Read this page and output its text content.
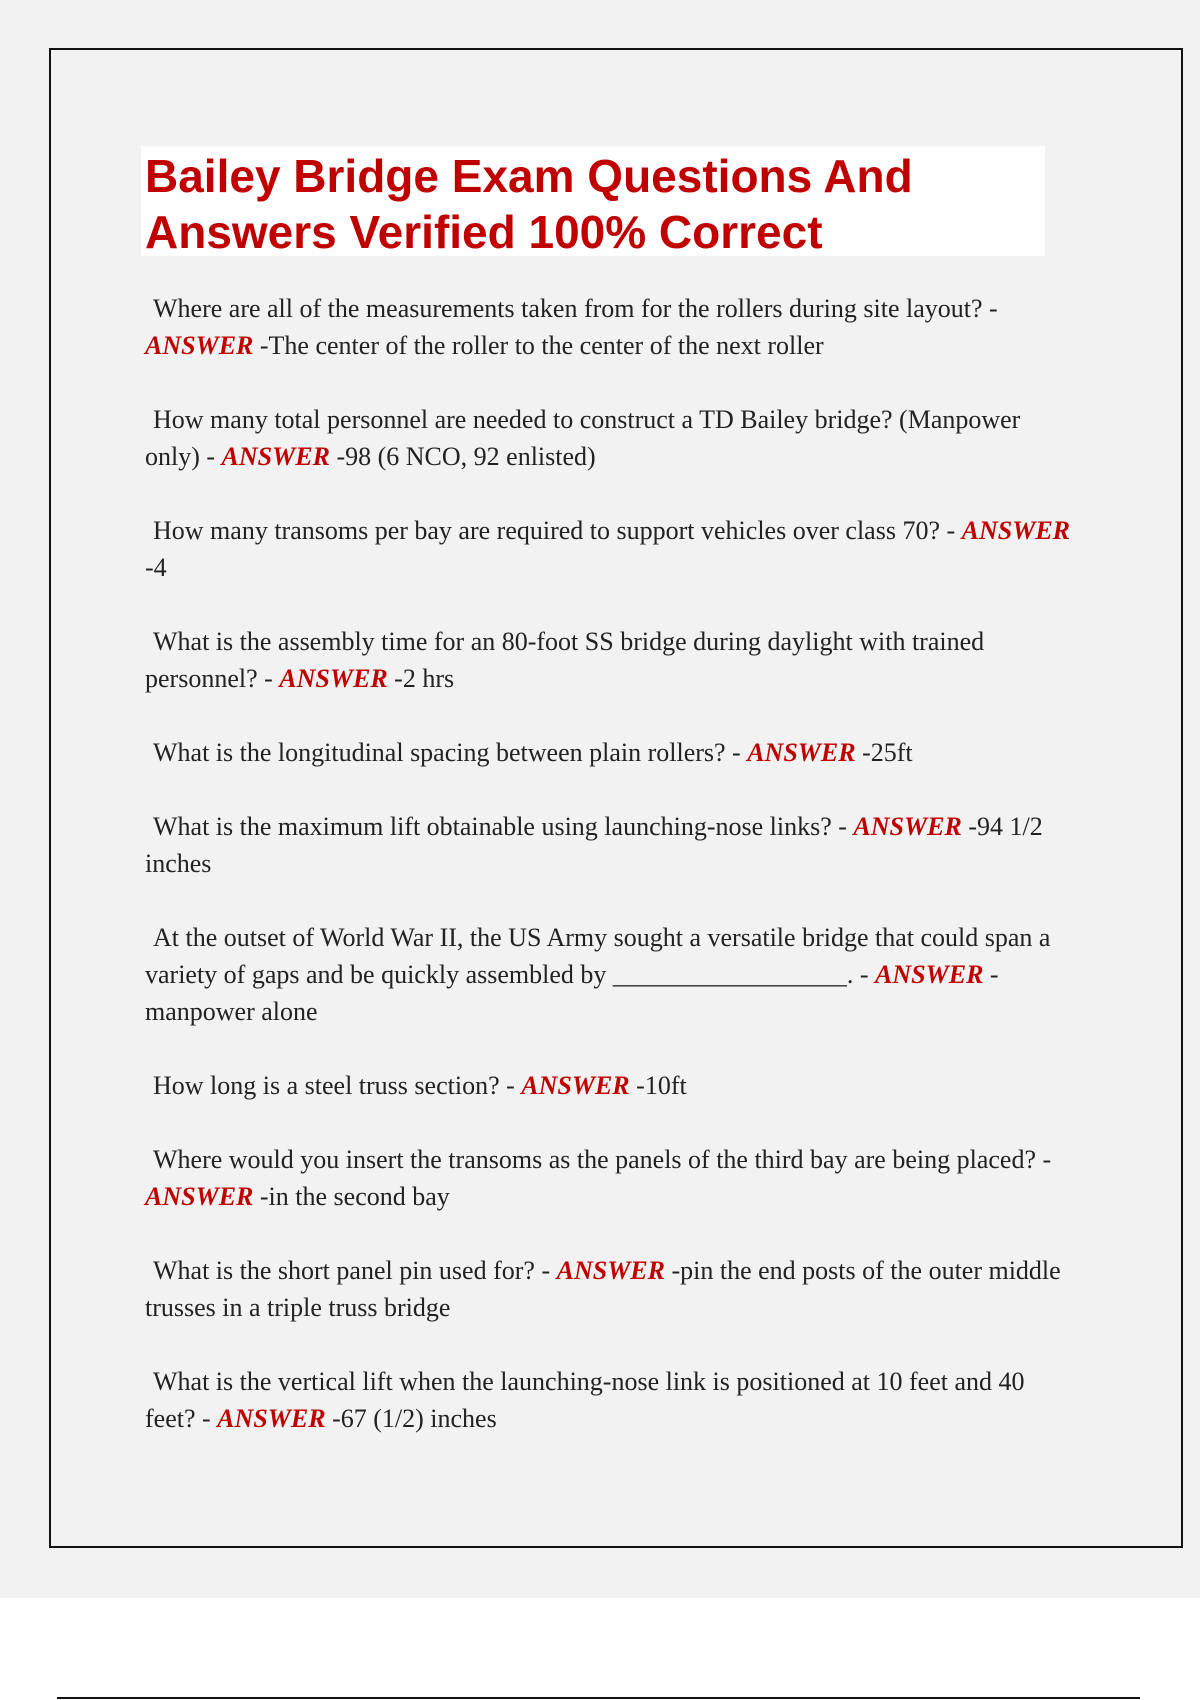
Bailey Bridge Exam Questions And Answers Verified 100% Correct
Where are all of the measurements taken from for the rollers during site layout? - ANSWER -The center of the roller to the center of the next roller
How many total personnel are needed to construct a TD Bailey bridge? (Manpower only) - ANSWER -98 (6 NCO, 92 enlisted)
How many transoms per bay are required to support vehicles over class 70? - ANSWER -4
What is the assembly time for an 80-foot SS bridge during daylight with trained personnel? - ANSWER -2 hrs
What is the longitudinal spacing between plain rollers? - ANSWER -25ft
What is the maximum lift obtainable using launching-nose links? - ANSWER -94 1/2 inches
At the outset of World War II, the US Army sought a versatile bridge that could span a variety of gaps and be quickly assembled by __________________. - ANSWER -manpower alone
How long is a steel truss section? - ANSWER -10ft
Where would you insert the transoms as the panels of the third bay are being placed? - ANSWER -in the second bay
What is the short panel pin used for? - ANSWER -pin the end posts of the outer middle trusses in a triple truss bridge
What is the vertical lift when the launching-nose link is positioned at 10 feet and 40 feet? - ANSWER -67 (1/2) inches
